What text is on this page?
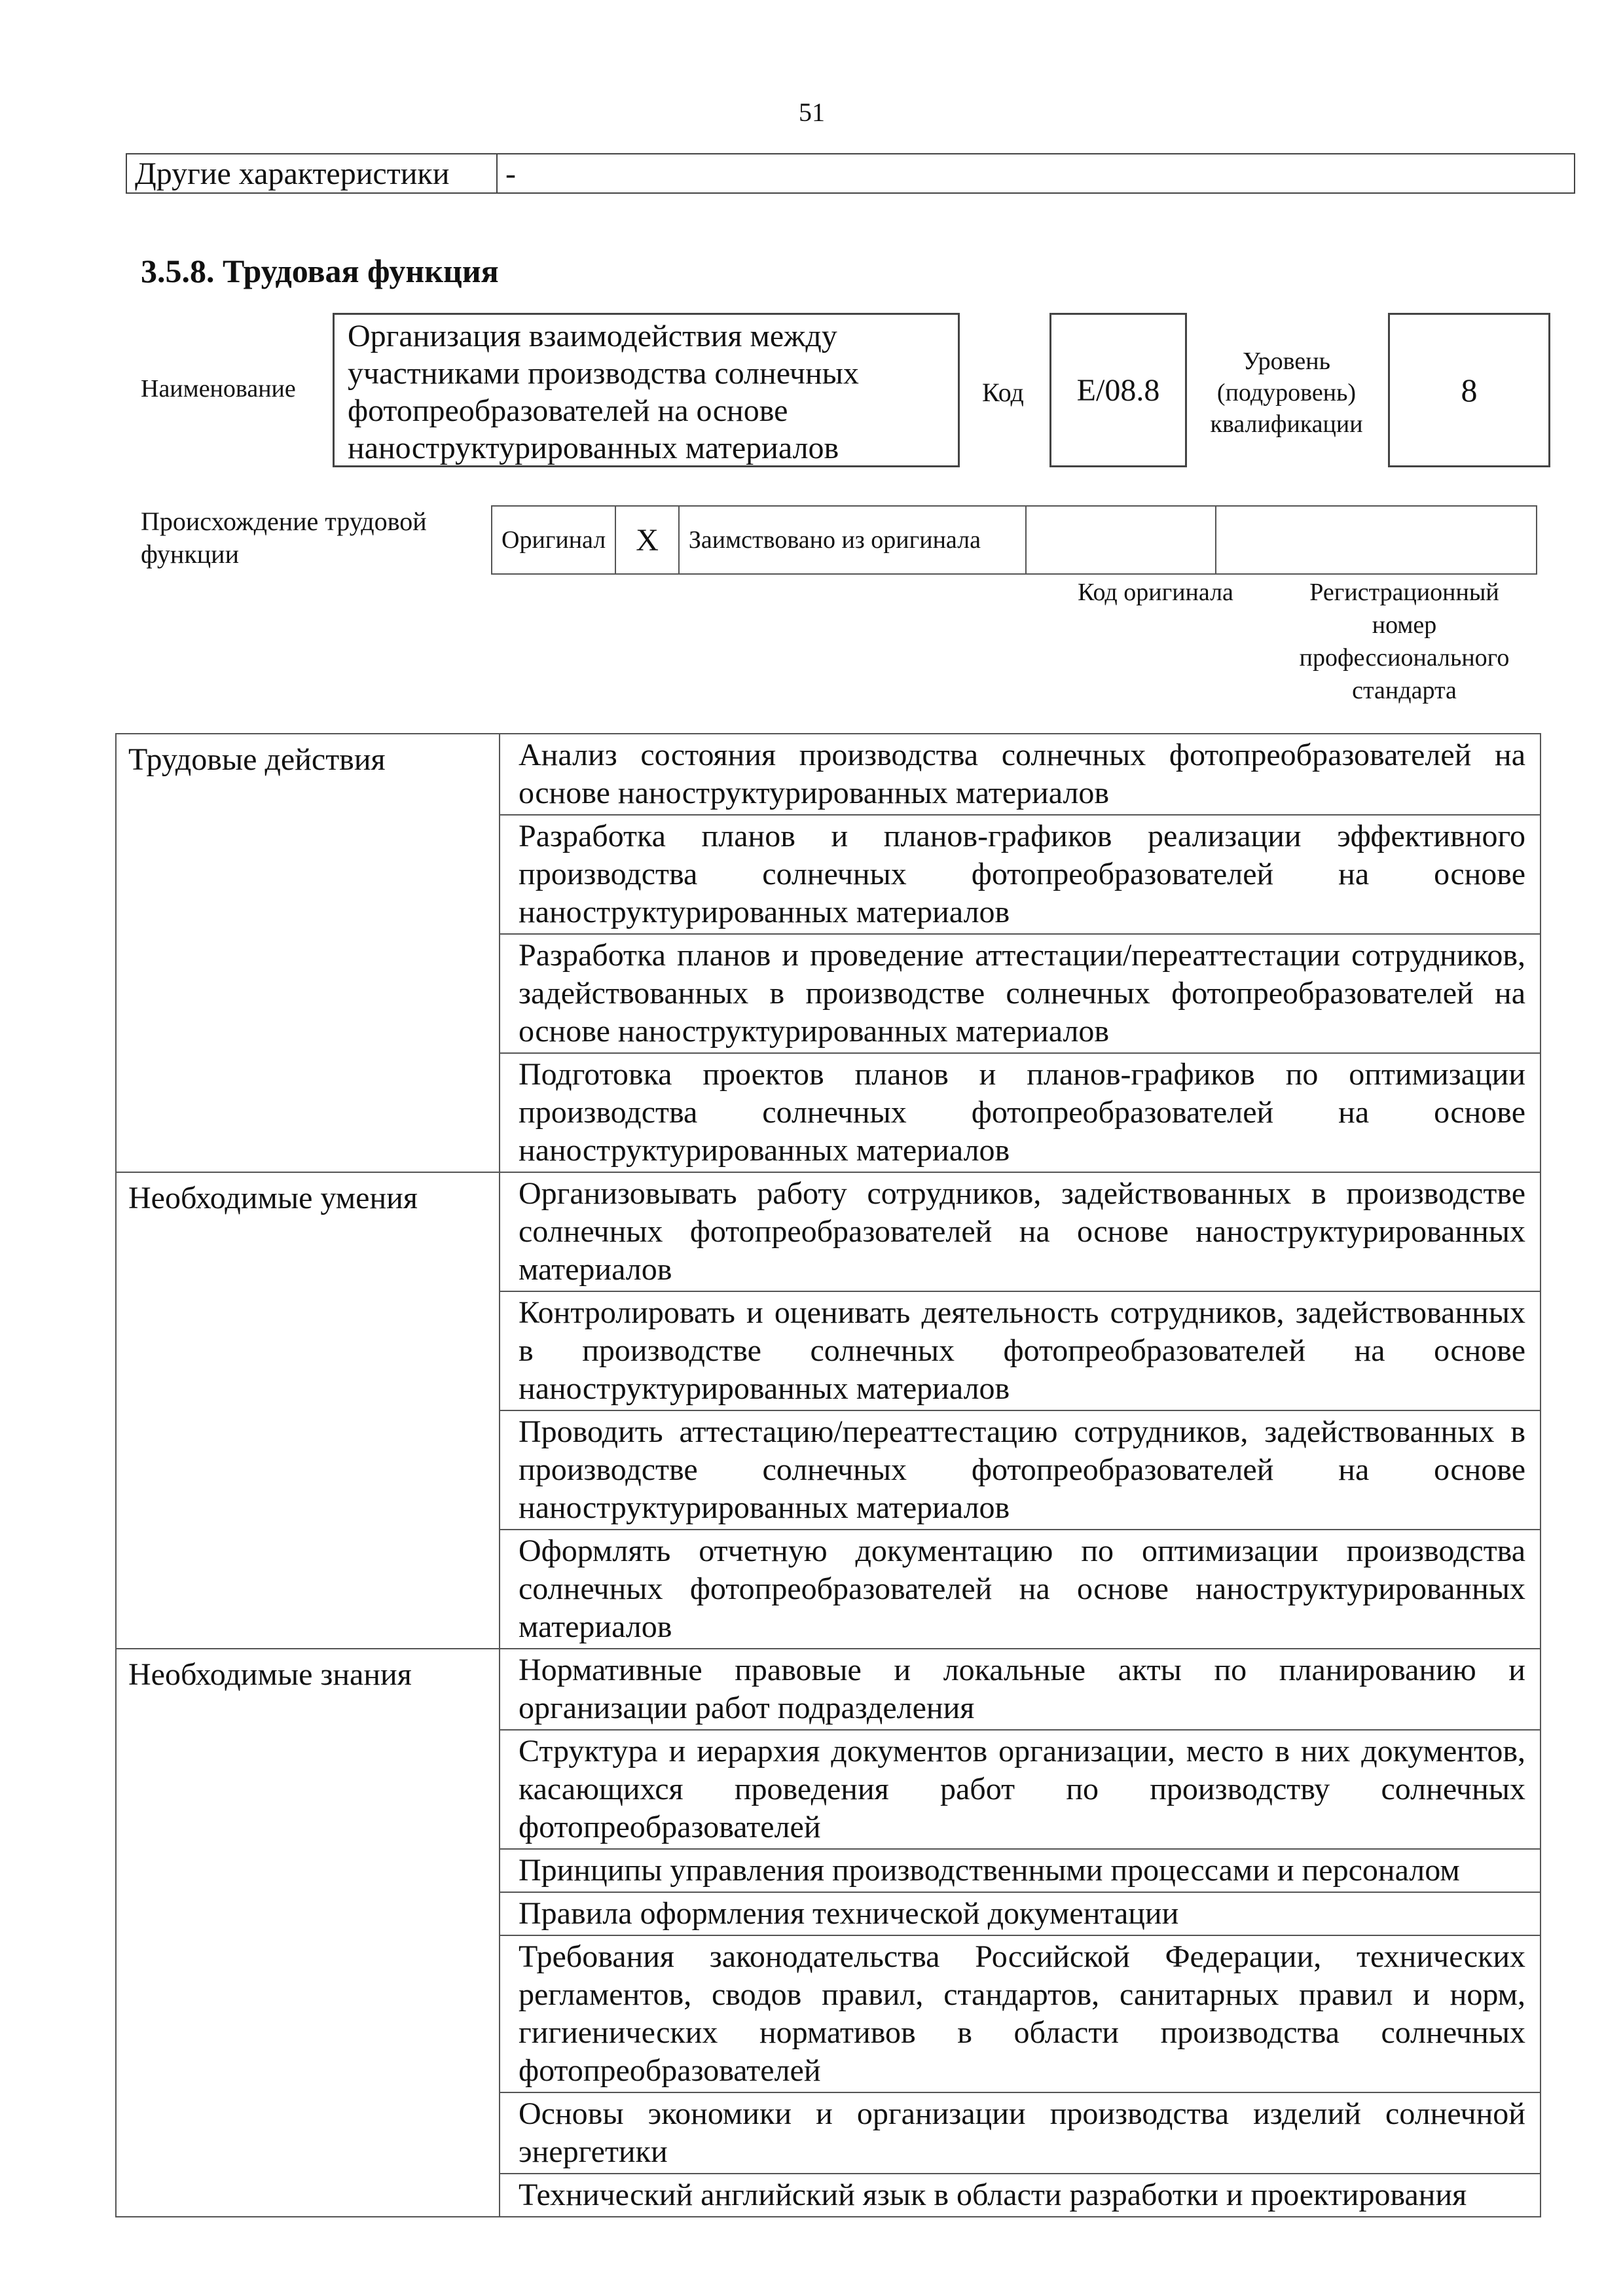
51
Другие характеристики	-
3.5.8. Трудовая функция
Наименование
Организация взаимодействия между участниками производства солнечных фотопреобразователей на основе наноструктурированных материалов
Код	E/08.8
Уровень (подуровень) квалификации
8
Происхождение трудовой функции	Оригинал	X	Заимствовано из оригинала		
Код оригинала	Регистрационный номер профессионального стандарта
Трудовые действия	Анализ состояния производства солнечных фотопреобразователей на основе наноструктурированных материалов
	Разработка планов и планов-графиков реализации эффективного производства солнечных фотопреобразователей на основе наноструктурированных материалов
	Разработка планов и проведение аттестации/переаттестации сотрудников, задействованных в производстве солнечных фотопреобразователей на основе наноструктурированных материалов
	Подготовка проектов планов и планов-графиков по оптимизации производства солнечных фотопреобразователей на основе наноструктурированных материалов
Необходимые умения	Организовывать работу сотрудников, задействованных в производстве солнечных фотопреобразователей на основе наноструктурированных материалов
	Контролировать и оценивать деятельность сотрудников, задействованных в производстве солнечных фотопреобразователей на основе наноструктурированных материалов
	Проводить аттестацию/переаттестацию сотрудников, задействованных в производстве солнечных фотопреобразователей на основе наноструктурированных материалов
	Оформлять отчетную документацию по оптимизации производства солнечных фотопреобразователей на основе наноструктурированных материалов
Необходимые знания	Нормативные правовые и локальные акты по планированию и организации работ подразделения
	Структура и иерархия документов организации, место в них документов, касающихся проведения работ по производству солнечных фотопреобразователей
	Принципы управления производственными процессами и персоналом
	Правила оформления технической документации
	Требования законодательства Российской Федерации, технических регламентов, сводов правил, стандартов, санитарных правил и норм, гигиенических нормативов в области производства солнечных фотопреобразователей
	Основы экономики и организации производства изделий солнечной энергетики
	Технический английский язык в области разработки и проектирования
